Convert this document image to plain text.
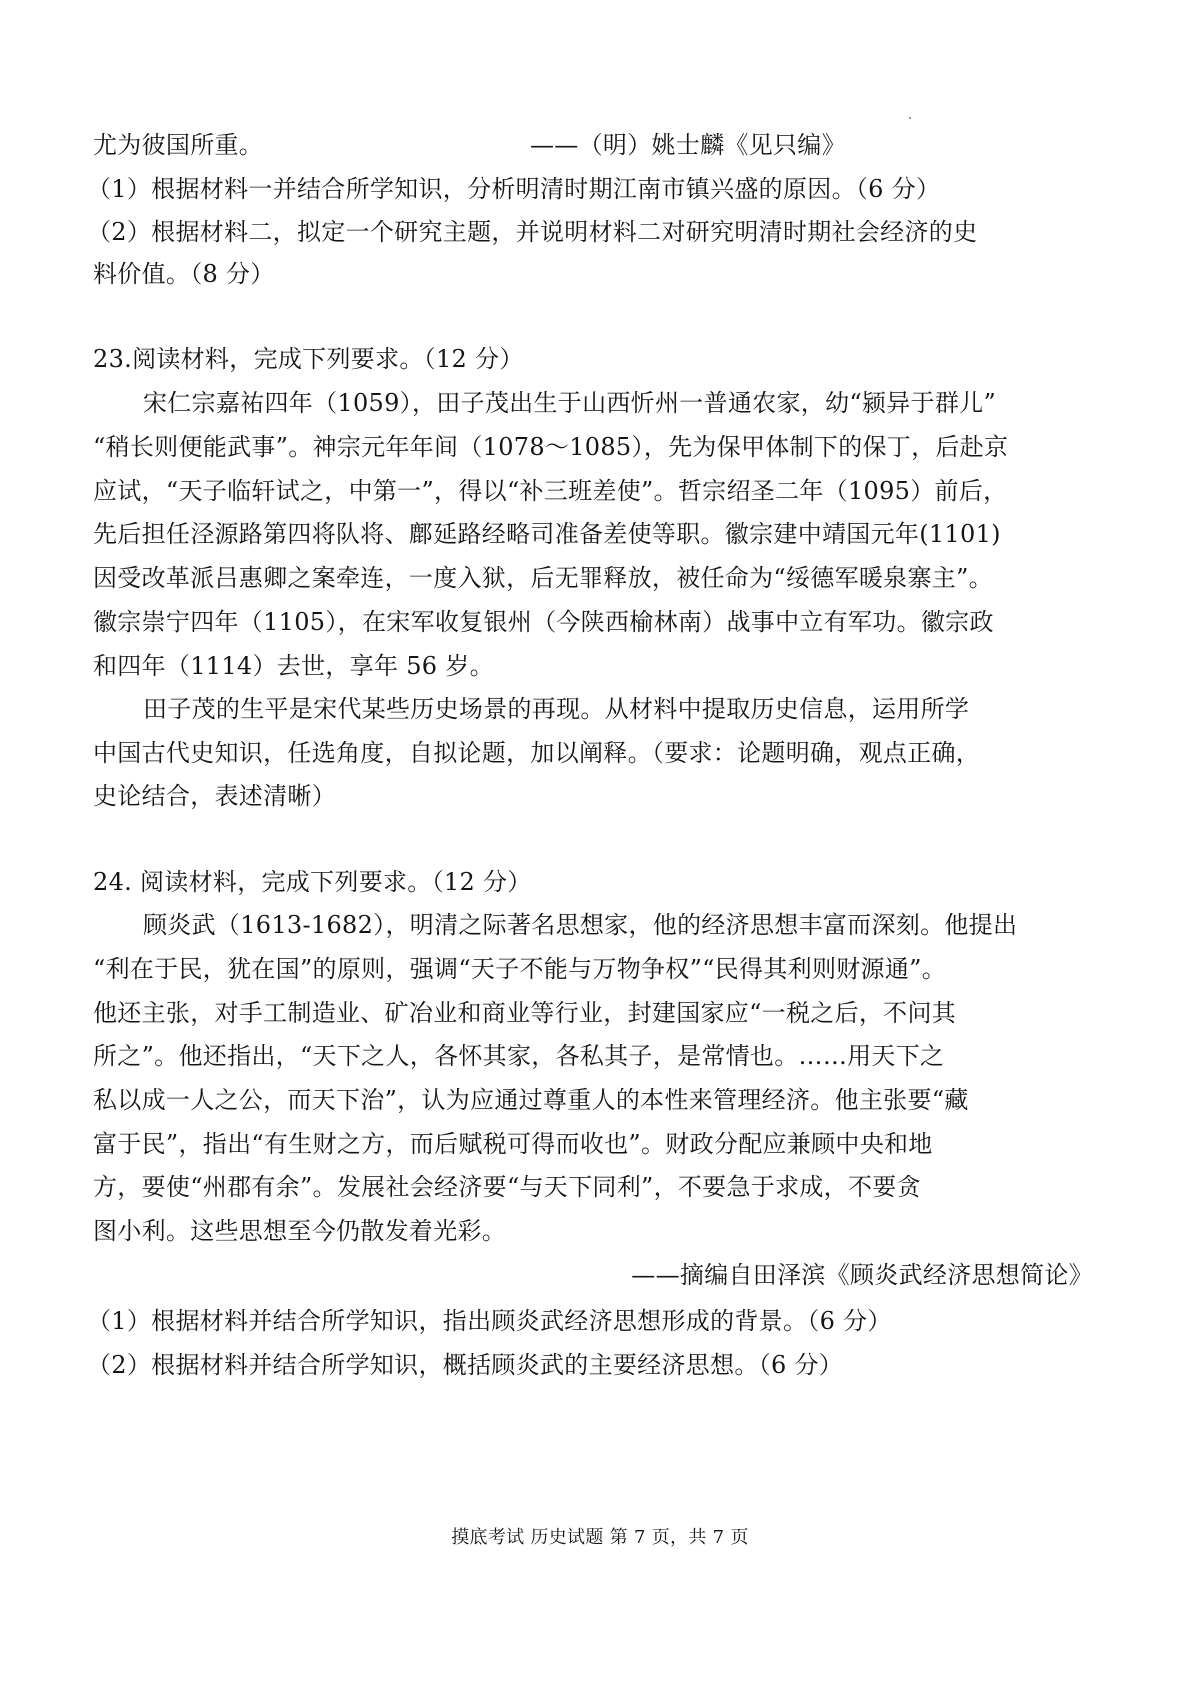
尤为彼国所重。	——（明）姚士麟《见只编》
（1）根据材料一并结合所学知识，分析明清时期江南市镇兴盛的原因。（6 分）
（2）根据材料二，拟定一个研究主题，并说明材料二对研究明清时期社会经济的史
料价值。（8 分）
23.阅读材料，完成下列要求。（12 分）
宋仁宗嘉祐四年（1059），田子茂出生于山西忻州一普通农家，幼“颍异于群儿”
“稍长则便能武事”。神宗元年年间（1078～1085），先为保甲体制下的保丁，后赴京
应试，“天子临轩试之，中第一”，得以“补三班差使”。哲宗绍圣二年（1095）前后，
先后担任泾源路第四将队将、鄜延路经略司准备差使等职。徽宗建中靖国元年(1101)
因受改革派吕惠卿之案牵连，一度入狱，后无罪释放，被任命为“绥德军暖泉寨主”。
徽宗崇宁四年（1105），在宋军收复银州（今陕西榆林南）战事中立有军功。徽宗政
和四年（1114）去世，享年 56 岁。
田子茂的生平是宋代某些历史场景的再现。从材料中提取历史信息，运用所学
中国古代史知识，任选角度，自拟论题，加以阐释。（要求：论题明确，观点正确，
史论结合，表述清晰）
24. 阅读材料，完成下列要求。（12 分）
顾炎武（1613-1682），明清之际著名思想家，他的经济思想丰富而深刻。他提出
“利在于民，犹在国”的原则，强调“天子不能与万物争权”“民得其利则财源通”。
他还主张，对手工制造业、矿冶业和商业等行业，封建国家应“一税之后，不问其
所之”。他还指出，“天下之人，各怀其家，各私其子，是常情也。……用天下之
私以成一人之公，而天下治”，认为应通过尊重人的本性来管理经济。他主张要“藏
富于民”，指出“有生财之方，而后赋税可得而收也”。财政分配应兼顾中央和地
方，要使“州郡有余”。发展社会经济要“与天下同利”，不要急于求成，不要贪
图小利。这些思想至今仍散发着光彩。
——摘编自田泽滨《顾炎武经济思想简论》
（1）根据材料并结合所学知识，指出顾炎武经济思想形成的背景。（6 分）
（2）根据材料并结合所学知识，概括顾炎武的主要经济思想。（6 分）
摸底考试 历史试题 第 7 页，共 7 页
